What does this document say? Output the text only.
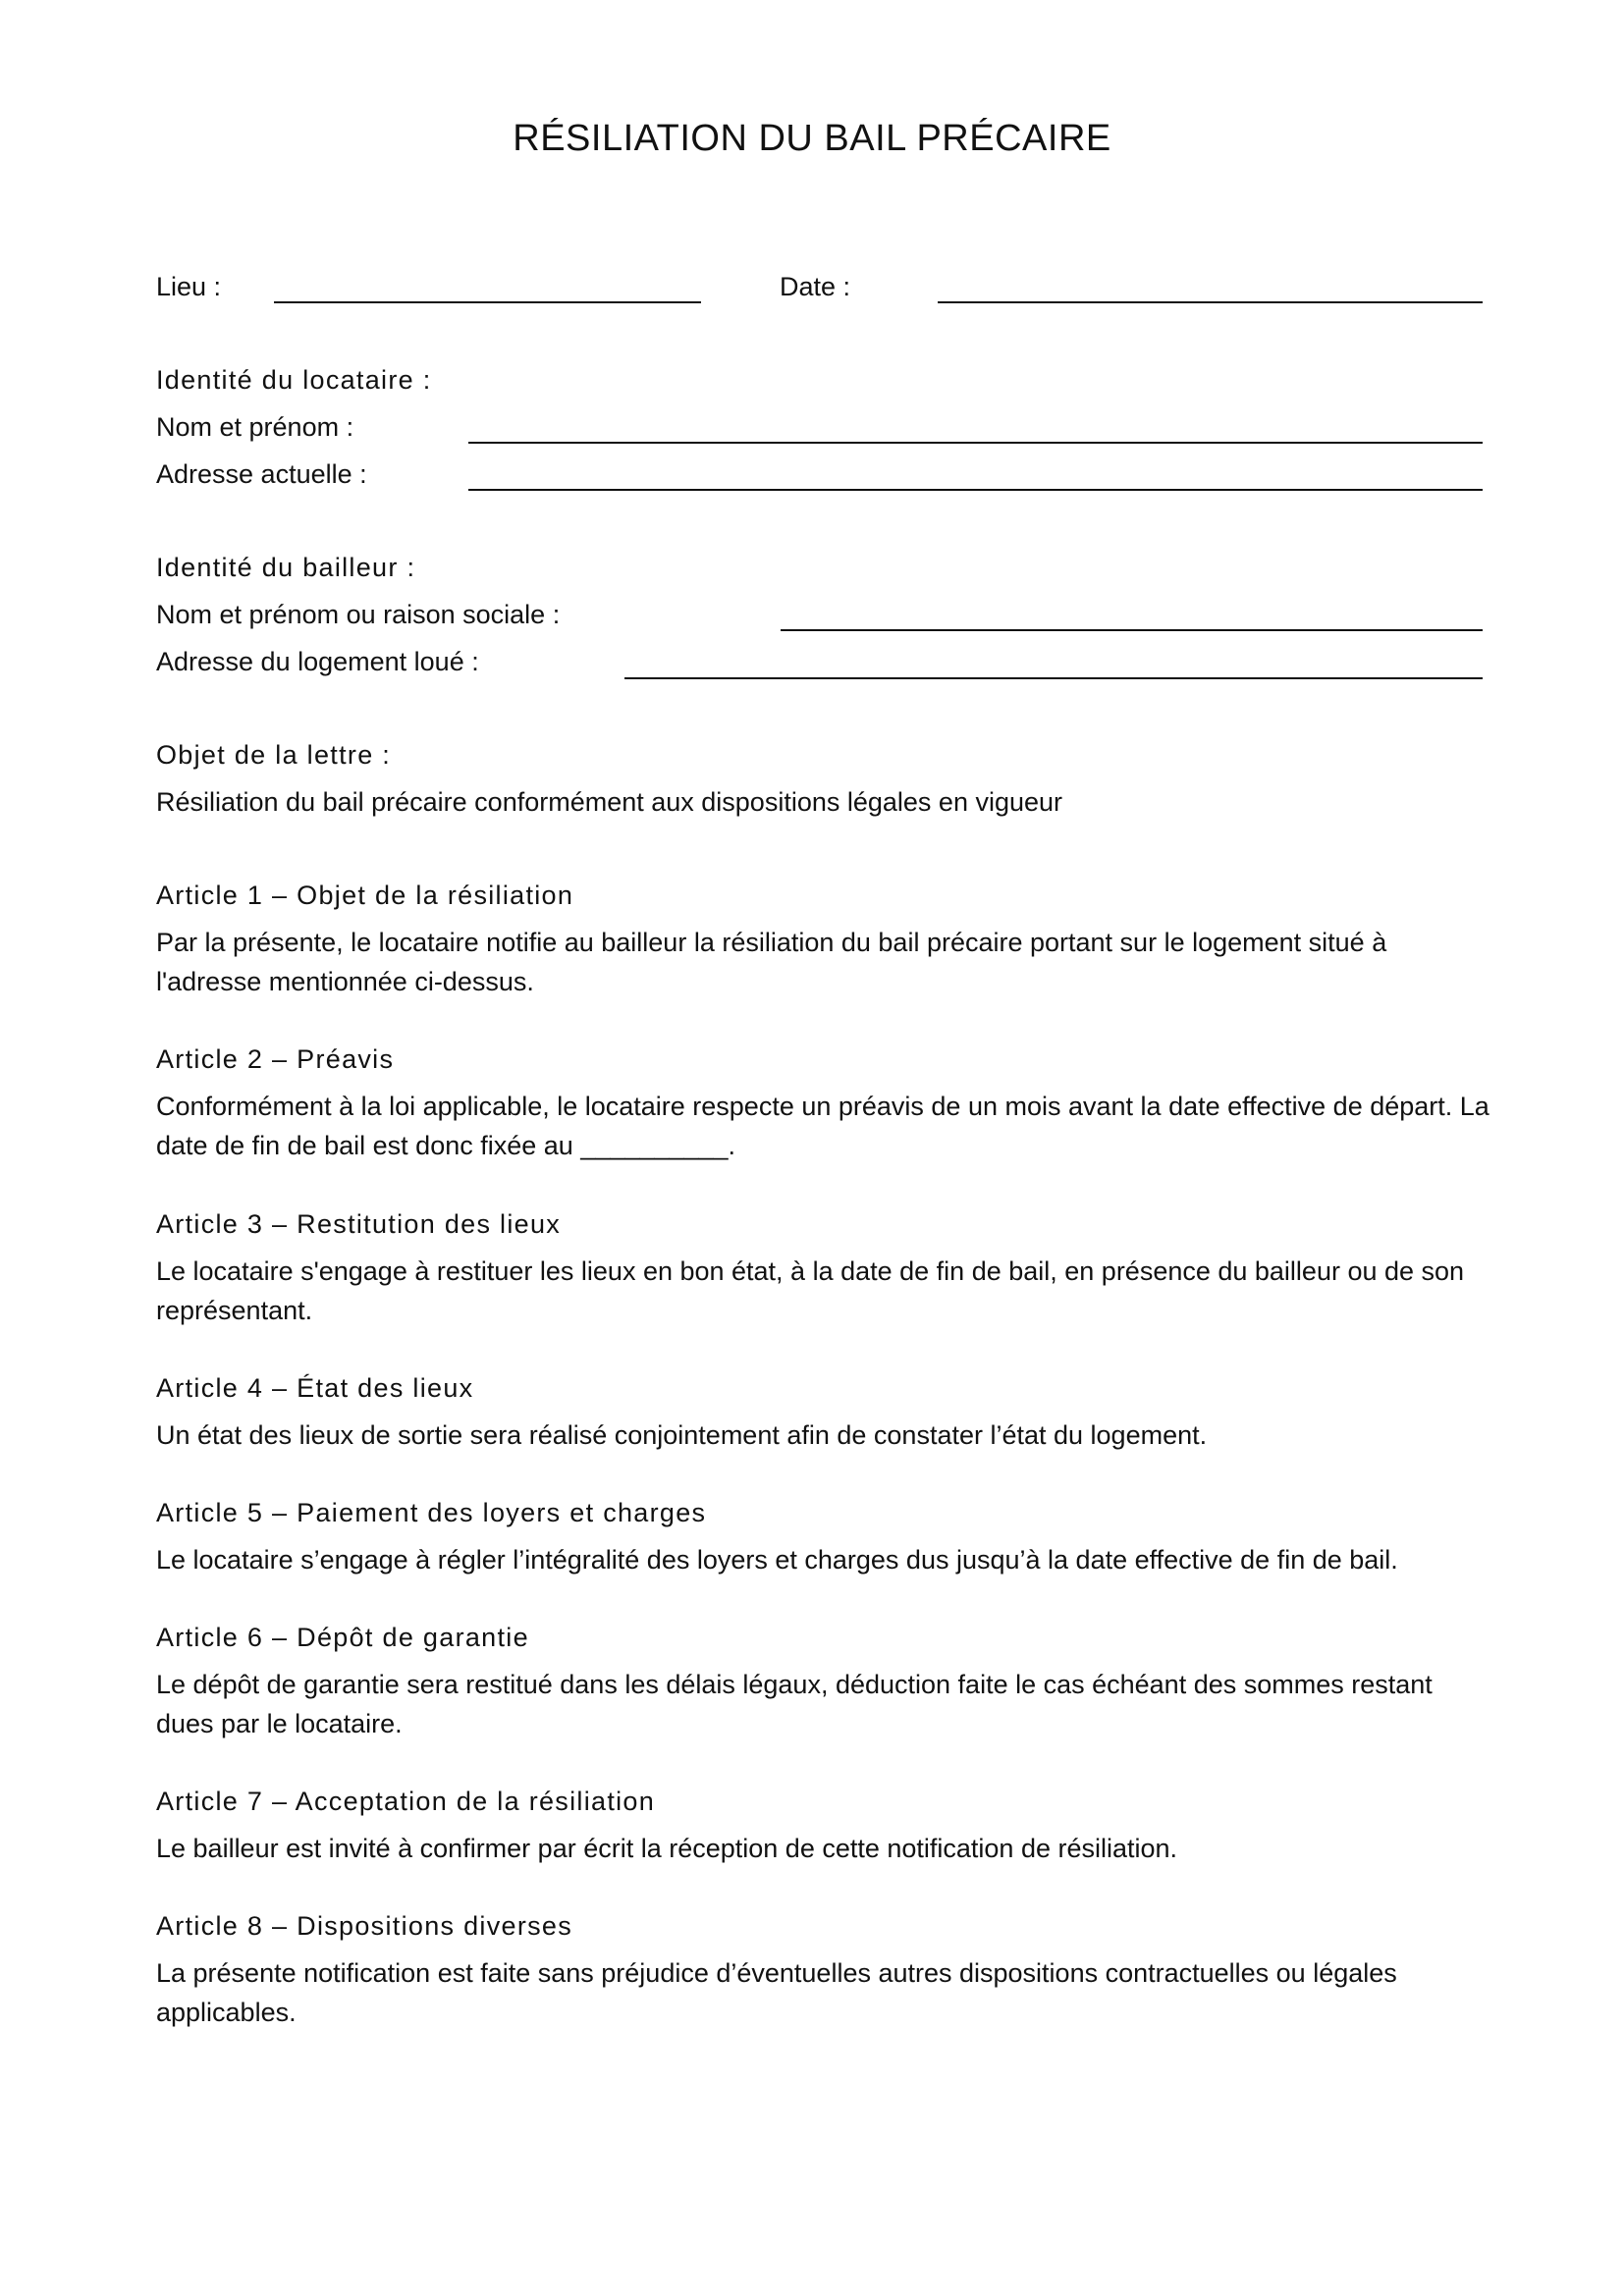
RÉSILIATION DU BAIL PRÉCAIRE
Lieu :	Date :
Identité du locataire :
Nom et prénom :
Adresse actuelle :
Identité du bailleur :
Nom et prénom ou raison sociale :
Adresse du logement loué :
Objet de la lettre :
Résiliation du bail précaire conformément aux dispositions légales en vigueur
Article 1 – Objet de la résiliation
Par la présente, le locataire notifie au bailleur la résiliation du bail précaire portant sur le logement situé à l'adresse mentionnée ci-dessus.
Article 2 – Préavis
Conformément à la loi applicable, le locataire respecte un préavis de un mois avant la date effective de départ. La date de fin de bail est donc fixée au __________.
Article 3 – Restitution des lieux
Le locataire s'engage à restituer les lieux en bon état, à la date de fin de bail, en présence du bailleur ou de son représentant.
Article 4 – État des lieux
Un état des lieux de sortie sera réalisé conjointement afin de constater l’état du logement.
Article 5 – Paiement des loyers et charges
Le locataire s’engage à régler l’intégralité des loyers et charges dus jusqu’à la date effective de fin de bail.
Article 6 – Dépôt de garantie
Le dépôt de garantie sera restitué dans les délais légaux, déduction faite le cas échéant des sommes restant dues par le locataire.
Article 7 – Acceptation de la résiliation
Le bailleur est invité à confirmer par écrit la réception de cette notification de résiliation.
Article 8 – Dispositions diverses
La présente notification est faite sans préjudice d’éventuelles autres dispositions contractuelles ou légales applicables.
